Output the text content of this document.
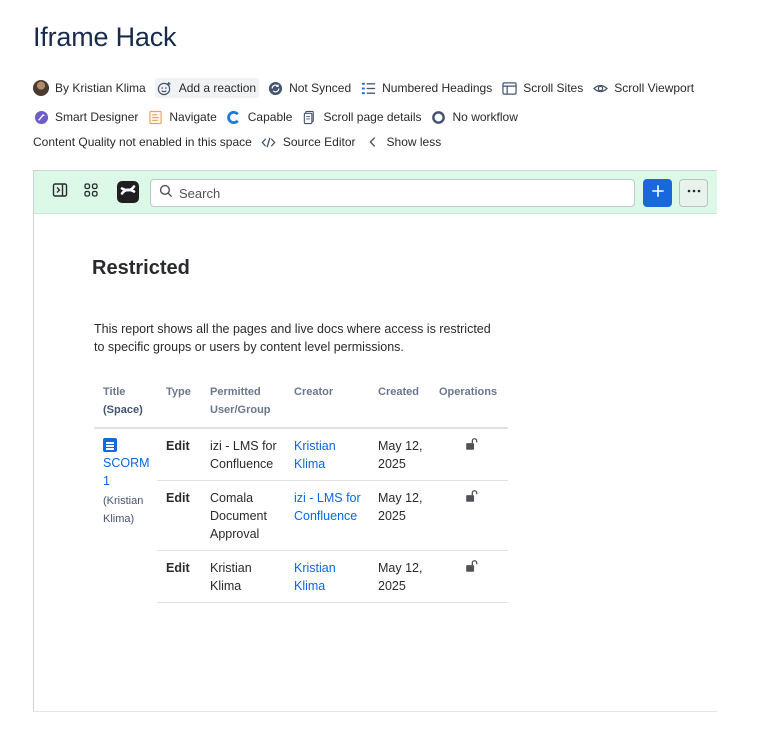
Iframe Hack
By Kristian Klima	Add a reaction	Not Synced	Numbered Headings	Scroll Sites	Scroll Viewport
Smart Designer	Navigate	Capable	Scroll page details	No workflow
Content Quality not enabled in this space	Source Editor	Show less
Search
Restricted
This report shows all the pages and live docs where access is restricted to specific groups or users by content level permissions.
Title
(Space)	Type	Permitted User/Group	Creator	Created	Operations

SCORM 1
(Kristian Klima)	Edit	izi - LMS for Confluence	Kristian Klima	May 12, 2025	
	Edit	Comala Document Approval	izi - LMS for Confluence	May 12, 2025	
	Edit	Kristian Klima	Kristian Klima	May 12, 2025	
